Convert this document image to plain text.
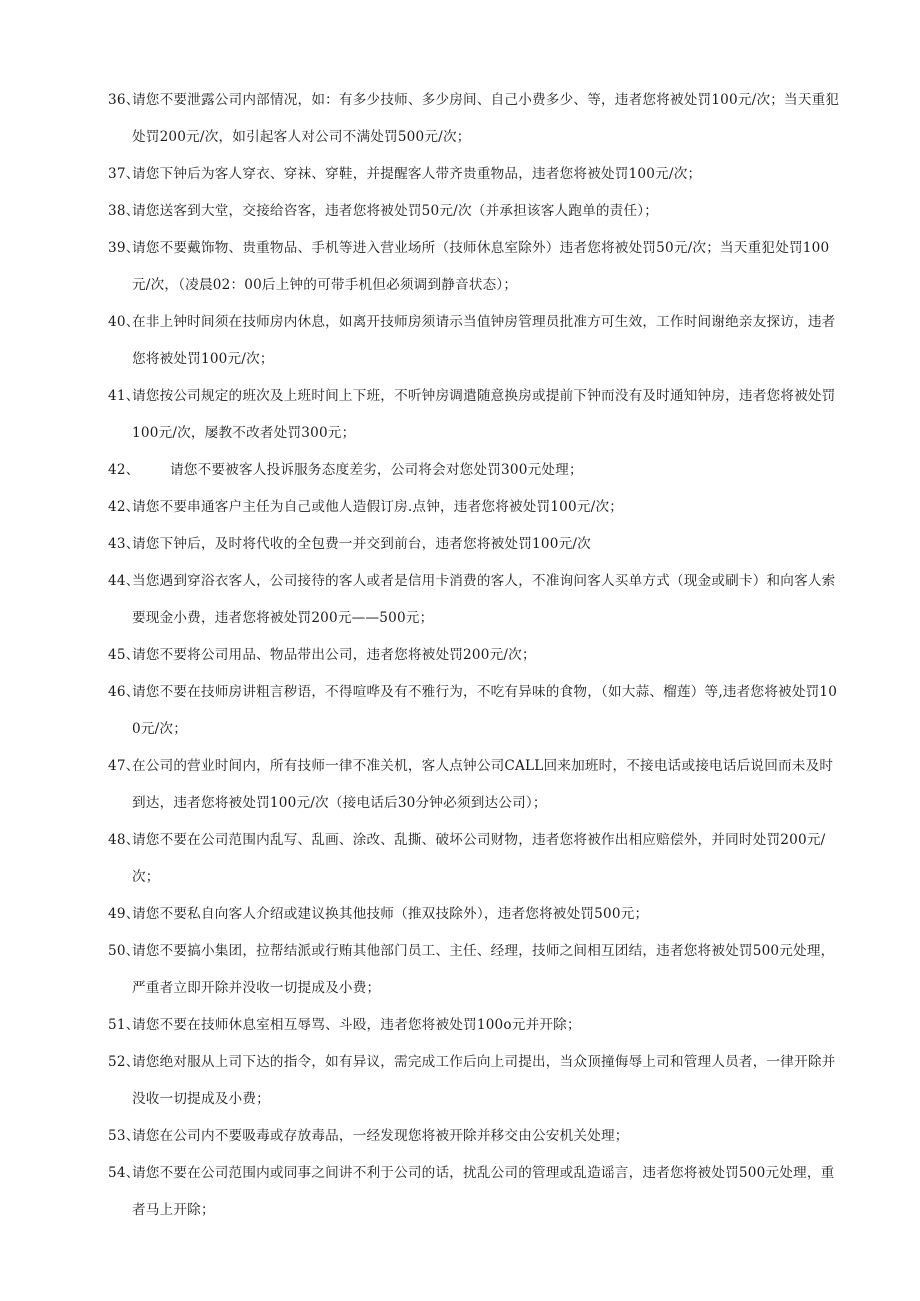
36、
请您不要泄露公司内部情况，如：有多少技师、多少房间、自己小费多少、等，违者您将被处罚100元/次；当天重犯处罚200元/次，如引起客人对公司不满处罚500元/次；
37、
请您下钟后为客人穿衣、穿袜、穿鞋，并提醒客人带齐贵重物品，违者您将被处罚100元/次；
38、
请您送客到大堂，交接给咨客，违者您将被处罚50元/次（并承担该客人跑单的责任）；
39、
请您不要戴饰物、贵重物品、手机等进入营业场所（技师休息室除外）违者您将被处罚50元/次；当天重犯处罚100元/次，（凌晨02：00后上钟的可带手机但必须调到静音状态）；
40、
在非上钟时间须在技师房内休息，如离开技师房须请示当值钟房管理员批准方可生效，工作时间谢绝亲友探访，违者您将被处罚100元/次；
41、
请您按公司规定的班次及上班时间上下班，不听钟房调遣随意换房或提前下钟而没有及时通知钟房，违者您将被处罚100元/次，屡教不改者处罚300元；
42、	请您不要被客人投诉服务态度差劣，公司将会对您处罚300元处理；
42、
请您不要串通客户主任为自己或他人造假订房.点钟，违者您将被处罚100元/次；
43、
请您下钟后，及时将代收的全包费一并交到前台，违者您将被处罚100元/次
44、
当您遇到穿浴衣客人，公司接待的客人或者是信用卡消费的客人，不准询问客人买单方式（现金或刷卡）和向客人索要现金小费，违者您将被处罚200元——500元；
45、
请您不要将公司用品、物品带出公司，违者您将被处罚200元/次；
46、
请您不要在技师房讲粗言秽语，不得喧哗及有不雅行为，不吃有异味的食物，（如大蒜、榴莲）等,违者您将被处罚100元/次；
47、
在公司的营业时间内，所有技师一律不准关机，客人点钟公司CALL回来加班时，不接电话或接电话后说回而未及时到达，违者您将被处罚100元/次（接电话后30分钟必须到达公司）；
48、
请您不要在公司范围内乱写、乱画、涂改、乱撕、破坏公司财物，违者您将被作出相应赔偿外，并同时处罚200元/次；
49、
请您不要私自向客人介绍或建议换其他技师（推双技除外），违者您将被处罚500元；
50、
请您不要搞小集团，拉帮结派或行贿其他部门员工、主任、经理，技师之间相互团结，违者您将被处罚500元处理，严重者立即开除并没收一切提成及小费；
51、
请您不要在技师休息室相互辱骂、斗殴，违者您将被处罚100o元并开除；
52、
请您绝对服从上司下达的指令，如有异议，需完成工作后向上司提出，当众顶撞侮辱上司和管理人员者，一律开除并没收一切提成及小费；
53、
请您在公司内不要吸毒或存放毒品，一经发现您将被开除并移交由公安机关处理；
54、
请您不要在公司范围内或同事之间讲不利于公司的话，扰乱公司的管理或乱造谣言，违者您将被处罚500元处理，重者马上开除；
